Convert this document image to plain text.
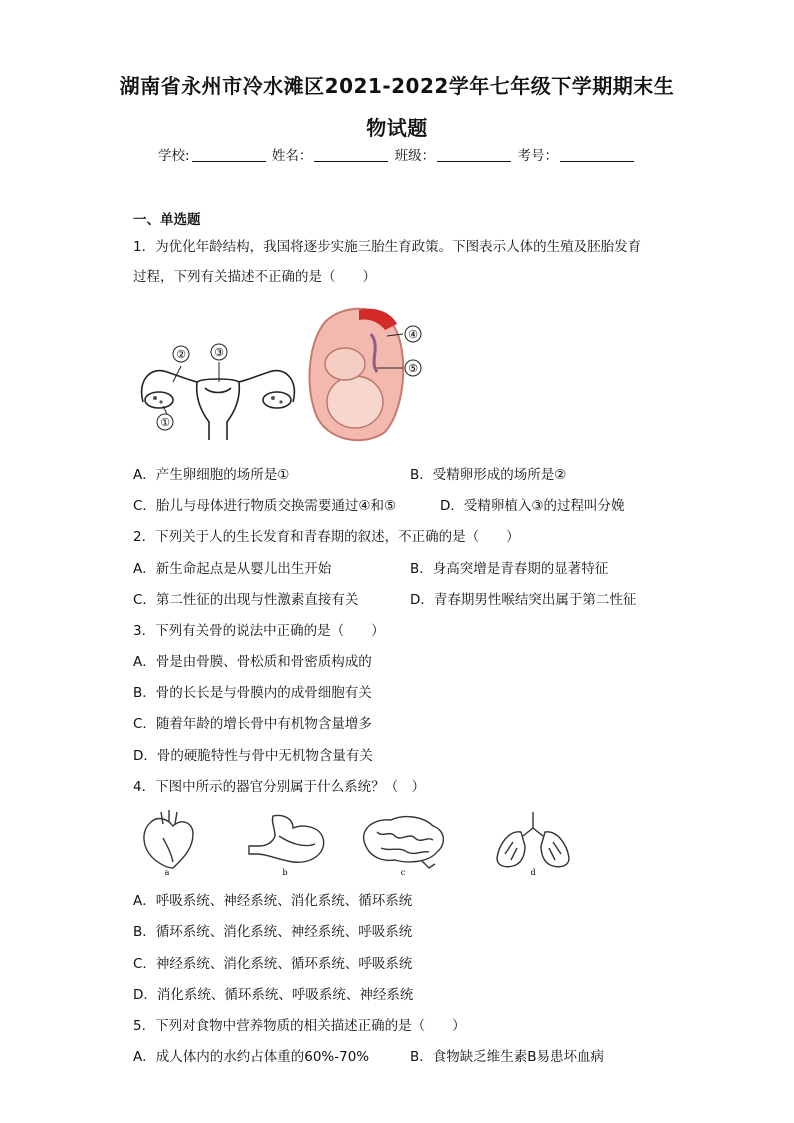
湖南省永州市冷水滩区2021-2022学年七年级下学期期末生
物试题
学校:	姓名：	班级：	考号：
一、单选题
1．为优化年龄结构，我国将逐步实施三胎生育政策。下图表示人体的生殖及胚胎发育
过程，下列有关描述不正确的是（　　）
②	③
①
④
⑤
A．产生卵细胞的场所是①	B．受精卵形成的场所是②
C．胎儿与母体进行物质交换需要通过④和⑤	D．受精卵植入③的过程叫分娩
2．下列关于人的生长发育和青春期的叙述，不正确的是（　　）
A．新生命起点是从婴儿出生开始	B．身高突增是青春期的显著特征
C．第二性征的出现与性激素直接有关	D．青春期男性喉结突出属于第二性征
3．下列有关骨的说法中正确的是（　　）
A．骨是由骨膜、骨松质和骨密质构成的
B．骨的长长是与骨膜内的成骨细胞有关
C．随着年龄的增长骨中有机物含量增多
D．骨的硬脆特性与骨中无机物含量有关
4．下图中所示的器官分别属于什么系统？（　）
a	b	c	d
A．呼吸系统、神经系统、消化系统、循环系统
B．循环系统、消化系统、神经系统、呼吸系统
C．神经系统、消化系统、循环系统、呼吸系统
D．消化系统、循环系统、呼吸系统、神经系统
5．下列对食物中营养物质的相关描述正确的是（　　）
A．成人体内的水约占体重的60%-70%	B．食物缺乏维生素B易患坏血病
